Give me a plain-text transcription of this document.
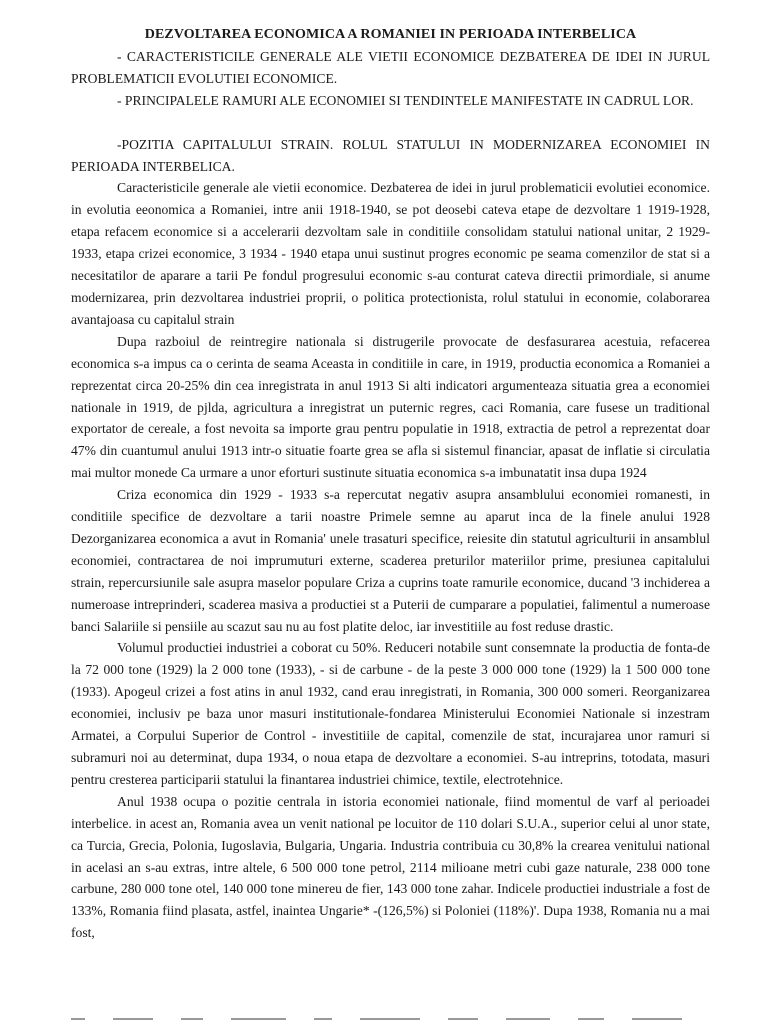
DEZVOLTAREA ECONOMICA A ROMANIEI IN PERIOADA INTERBELICA

- CARACTERISTICILE GENERALE ALE VIETII ECONOMICE DEZBATEREA DE IDEI IN JURUL PROBLEMATICII EVOLUTIEI ECONOMICE.

- PRINCIPALELE RAMURI ALE ECONOMIEI SI TENDINTELE MANIFESTATE IN CADRUL LOR.

-POZITIA CAPITALULUI STRAIN. ROLUL STATULUI IN MODERNIZAREA ECONOMIEI IN PERIOADA INTERBELICA.

Caracteristicile generale ale vietii economice. Dezbaterea de idei in jurul problematicii evolutiei economice. in evolutia eeonomica a Romaniei, intre anii 1918-1940, se pot deosebi cateva etape de dezvoltare 1 1919-1928, etapa refacem economice si a accelerarii dezvoltam sale in conditiile consolidam statului national unitar, 2 1929-1933, etapa crizei economice, 3 1934 - 1940 etapa unui sustinut progres economic pe seama comenzilor de stat si a necesitatilor de aparare a tarii Pe fondul progresului economic s-au conturat cateva directii primordiale, si anume modernizarea, prin dezvoltarea industriei proprii, o politica protectionista, rolul statului in economie, colaborarea avantajoasa cu capitalul strain

Dupa razboiul de reintregire nationala si distrugerile provocate de desfasurarea acestuia, refacerea economica s-a impus ca o cerinta de seama Aceasta in conditiile in care, in 1919, productia economica a Romaniei a reprezentat circa 20-25% din cea inregistrata in anul 1913 Si alti indicatori argumenteaza situatia grea a economiei nationale in 1919, de pjlda, agricultura a inregistrat un puternic regres, caci Romania, care fusese un traditional exportator de cereale, a fost nevoita sa importe grau pentru populatie in 1918, extractia de petrol a reprezentat doar 47% din cuantumul anului 1913 intr-o situatie foarte grea se afla si sistemul financiar, apasat de inflatie si circulatia mai multor monede Ca urmare a unor eforturi sustinute situatia economica s-a imbunatatit insa dupa 1924

Criza economica din 1929 - 1933 s-a repercutat negativ asupra ansamblului economiei romanesti, in conditiile specifice de dezvoltare a tarii noastre Primele semne au aparut inca de la finele anului 1928 Dezorganizarea economica a avut in Romania' unele trasaturi specifice, reiesite din statutul agriculturii in ansamblul economiei, contractarea de noi imprumuturi externe, scaderea preturilor materiilor prime, presiunea capitalului strain, repercursiunile sale asupra maselor populare Criza a cuprins toate ramurile economice, ducand '3 inchiderea a numeroase intreprinderi, scaderea masiva a productiei st a Puterii de cumparare a populatiei, falimentul a numeroase banci Salariile si pensiile au scazut sau nu au fost platite deloc, iar investitiile au fost reduse drastic.

Volumul productiei industriei a coborat cu 50%. Reduceri notabile sunt consemnate la productia de fonta-de la 72 000 tone (1929) la 2 000 tone (1933), - si de carbune - de la peste 3 000 000 tone (1929) la 1 500 000 tone (1933). Apogeul crizei a fost atins in anul 1932, cand erau inregistrati, in Romania, 300 000 someri. Reorganizarea economiei, inclusiv pe baza unor masuri institutionale-fondarea Ministerului Economiei Nationale si inzestram Armatei, a Corpului Superior de Control - investitiile de capital, comenzile de stat, incurajarea unor ramuri si subramuri noi au determinat, dupa 1934, o noua etapa de dezvoltare a economiei. S-au intreprins, totodata, masuri pentru cresterea participarii statului la finantarea industriei chimice, textile, electrotehnice.

Anul 1938 ocupa o pozitie centrala in istoria economiei nationale, fiind momentul de varf al perioadei interbelice. in acest an, Romania avea un venit national pe locuitor de 110 dolari S.U.A., superior celui al unor state, ca Turcia, Grecia, Polonia, Iugoslavia, Bulgaria, Ungaria. Industria contribuia cu 30,8% la crearea venitului national in acelasi an s-au extras, intre altele, 6 500 000 tone petrol, 2114 milioane metri cubi gaze naturale, 238 000 tone carbune, 280 000 tone otel, 140 000 tone minereu de fier, 143 000 tone zahar. Indicele productiei industriale a fost de 133%, Romania fiind plasata, astfel, inaintea Ungarie* -(126,5%) si Poloniei (118%)'. Dupa 1938, Romania nu a mai fost,
